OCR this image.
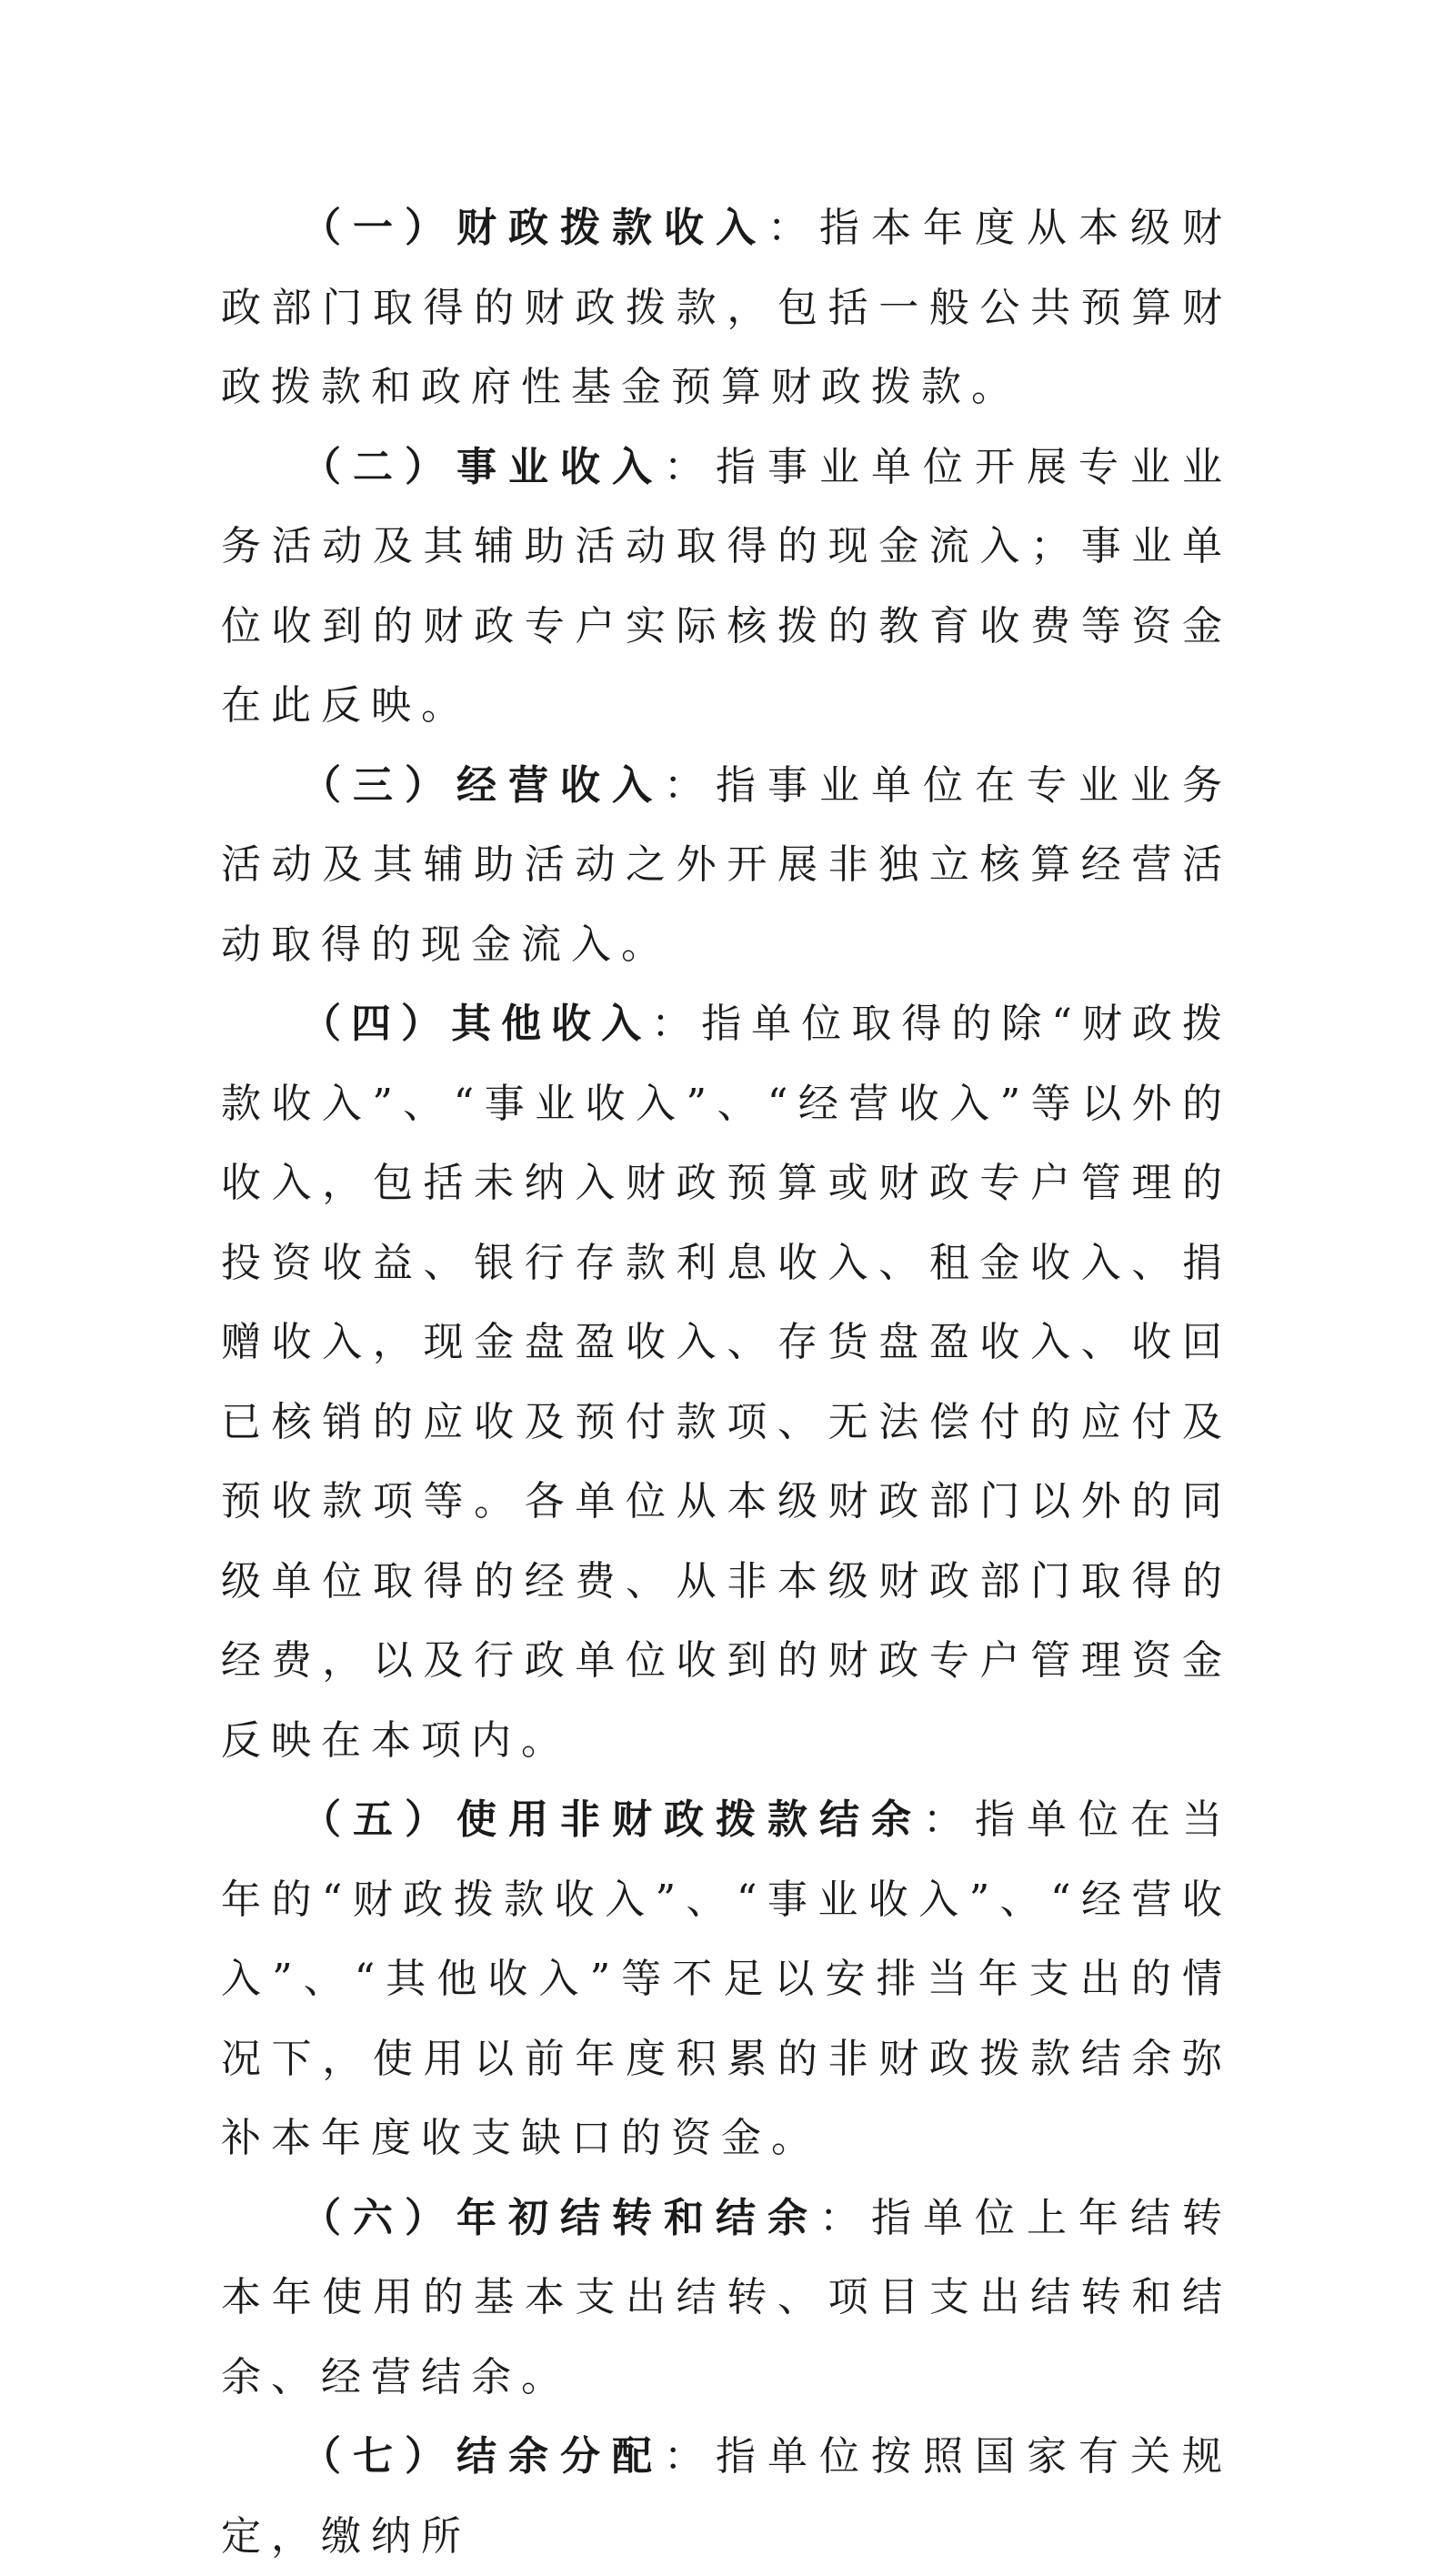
（一）财政拨款收入：指本年度从本级财政部门取得的财政拨款，包括一般公共预算财政拨款和政府性基金预算财政拨款。

（二）事业收入：指事业单位开展专业业务活动及其辅助活动取得的现金流入；事业单位收到的财政专户实际核拨的教育收费等资金在此反映。

（三）经营收入：指事业单位在专业业务活动及其辅助活动之外开展非独立核算经营活动取得的现金流入。

（四）其他收入：指单位取得的除“财政拨款收入”、“事业收入”、“经营收入”等以外的收入，包括未纳入财政预算或财政专户管理的投资收益、银行存款利息收入、租金收入、捐赠收入，现金盘盈收入、存货盘盈收入、收回已核销的应收及预付款项、无法偿付的应付及预收款项等。各单位从本级财政部门以外的同级单位取得的经费、从非本级财政部门取得的经费，以及行政单位收到的财政专户管理资金反映在本项内。

（五）使用非财政拨款结余：指单位在当年的“财政拨款收入”、“事业收入”、“经营收入”、“其他收入”等不足以安排当年支出的情况下，使用以前年度积累的非财政拨款结余弥补本年度收支缺口的资金。

（六）年初结转和结余：指单位上年结转本年使用的基本支出结转、项目支出结转和结余、经营结余。

（七）结余分配：指单位按照国家有关规定，缴纳所
